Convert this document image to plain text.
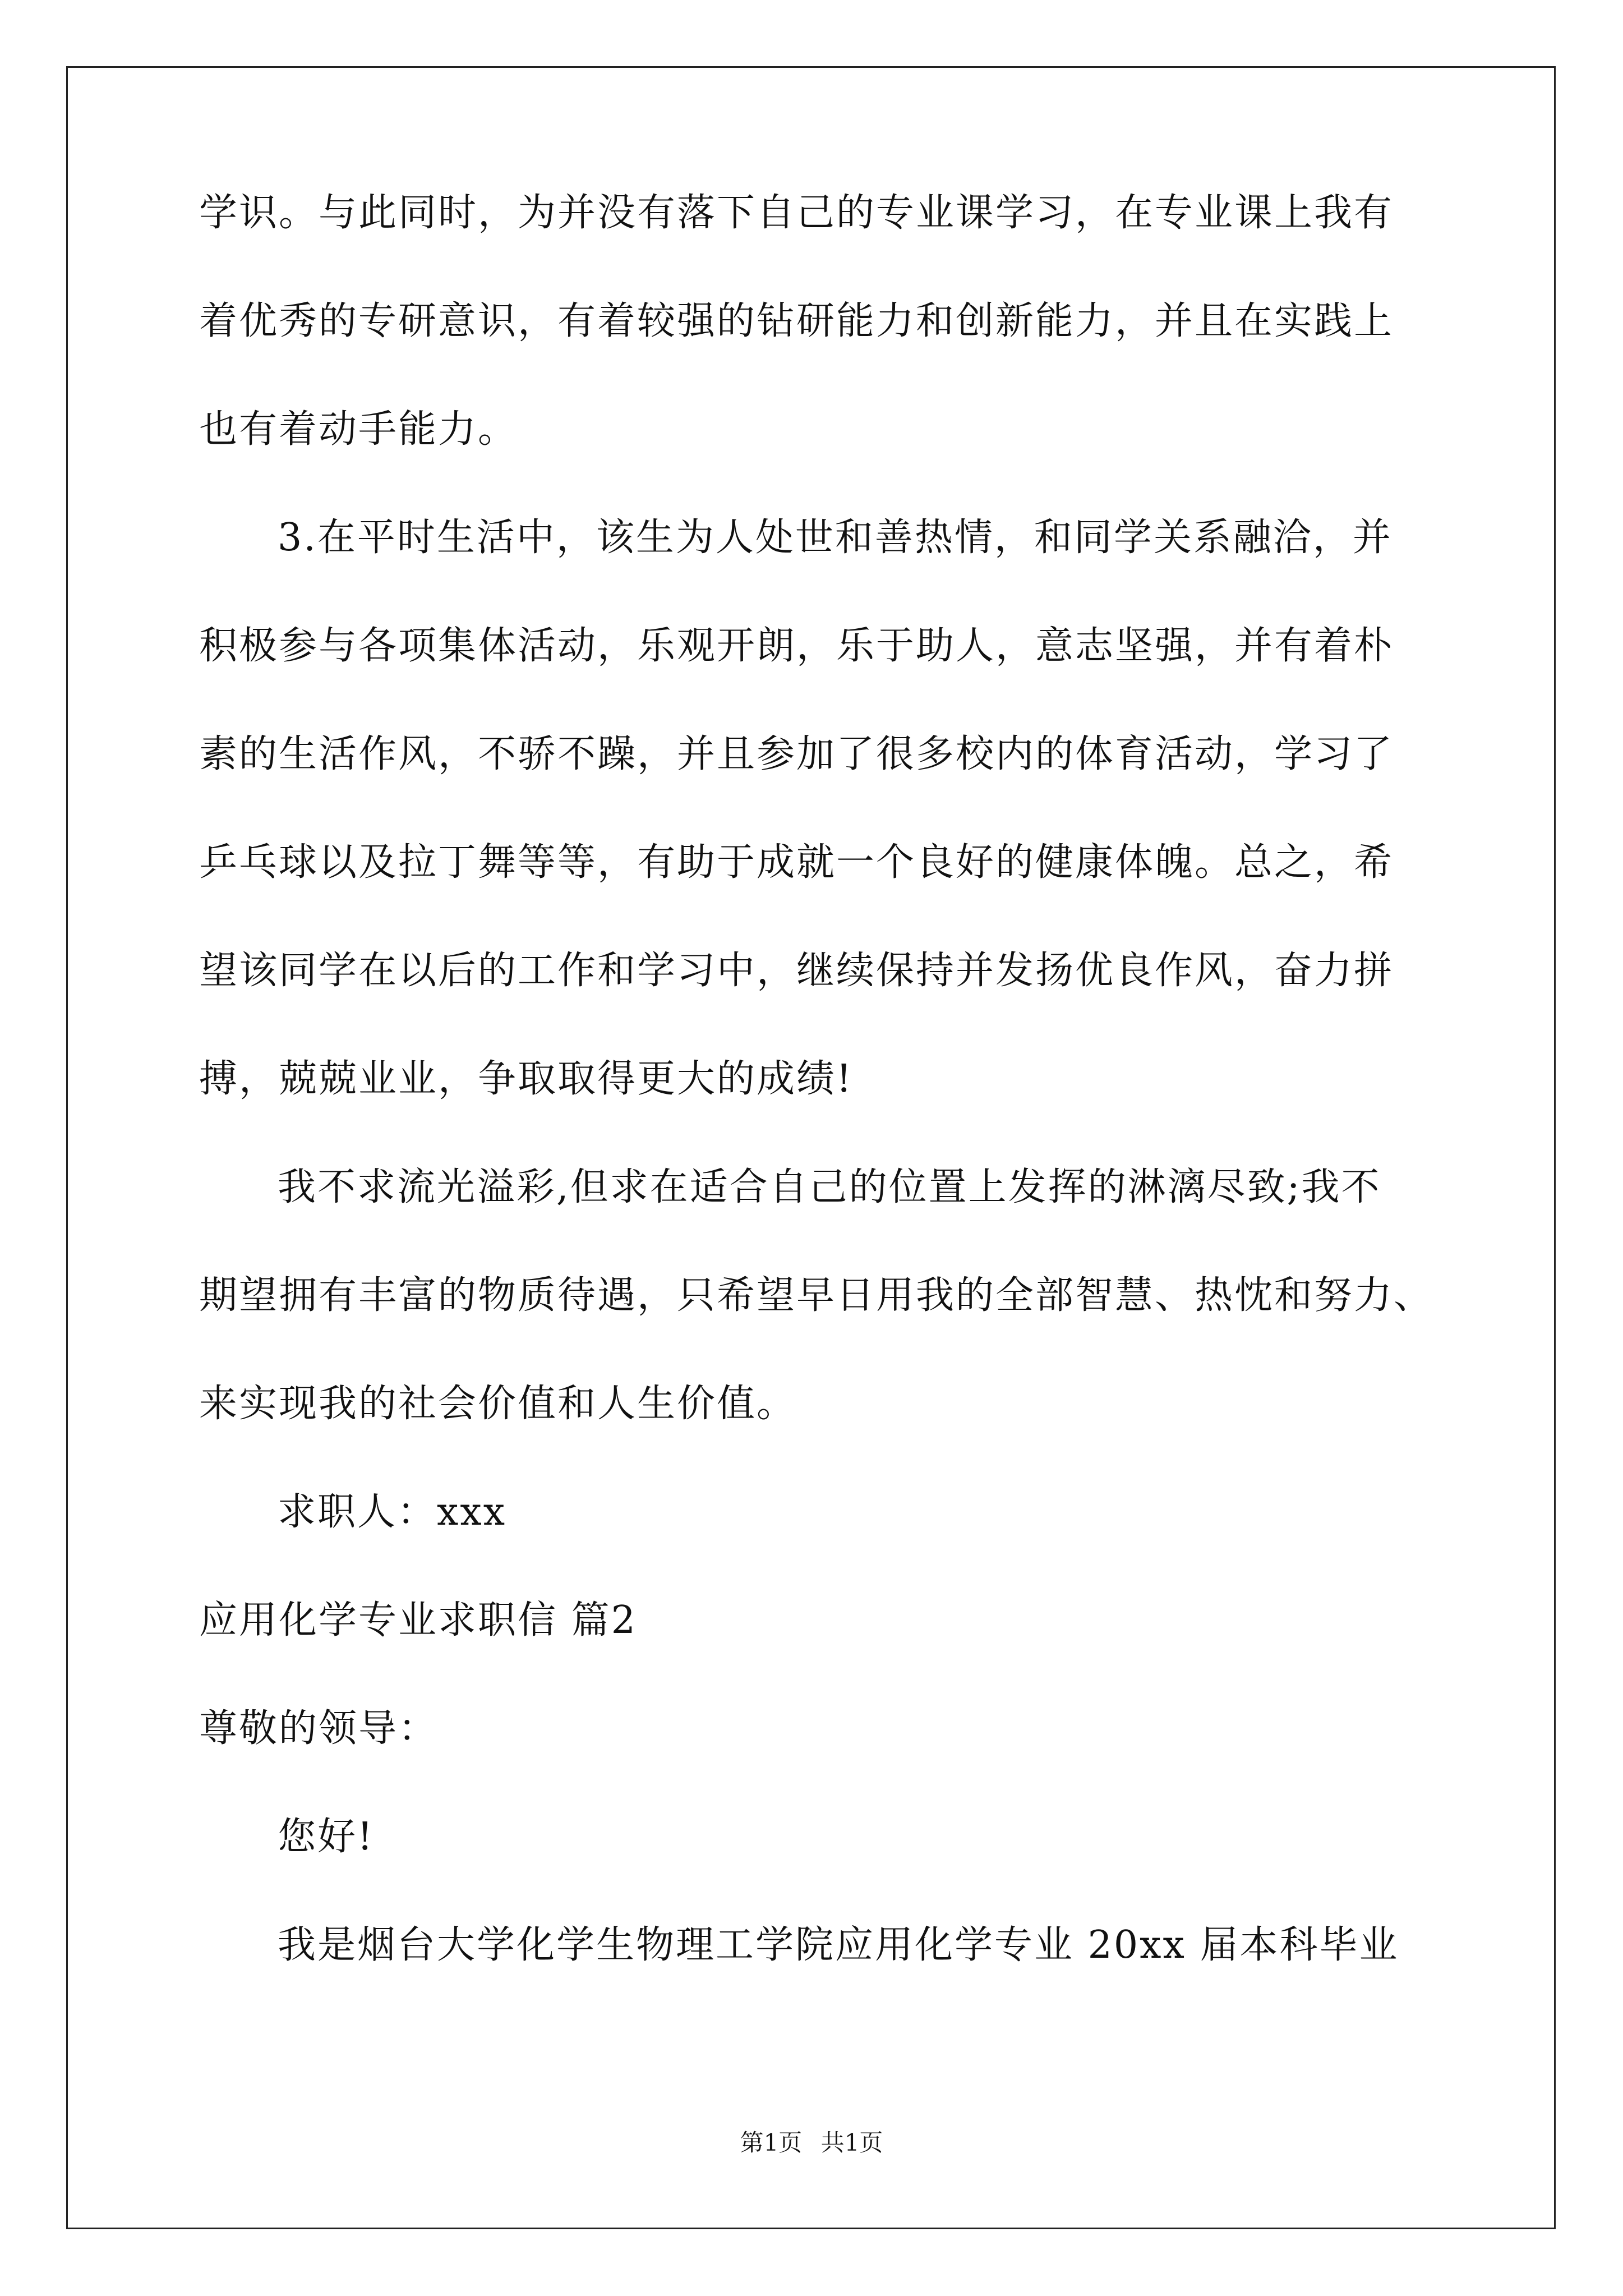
学识。与此同时，为并没有落下自己的专业课学习，在专业课上我有
着优秀的专研意识，有着较强的钻研能力和创新能力，并且在实践上
也有着动手能力。
3.在平时生活中，该生为人处世和善热情，和同学关系融洽，并
积极参与各项集体活动，乐观开朗，乐于助人，意志坚强，并有着朴
素的生活作风，不骄不躁，并且参加了很多校内的体育活动，学习了
乒乓球以及拉丁舞等等，有助于成就一个良好的健康体魄。总之，希
望该同学在以后的工作和学习中，继续保持并发扬优良作风，奋力拼
搏，兢兢业业，争取取得更大的成绩!
我不求流光溢彩,但求在适合自己的位置上发挥的淋漓尽致;我不
期望拥有丰富的物质待遇，只希望早日用我的全部智慧、热忱和努力、
来实现我的社会价值和人生价值。
求职人：xxx
应用化学专业求职信 篇2
尊敬的领导：
您好!
我是烟台大学化学生物理工学院应用化学专业 20xx 届本科毕业
第1页 共1页
